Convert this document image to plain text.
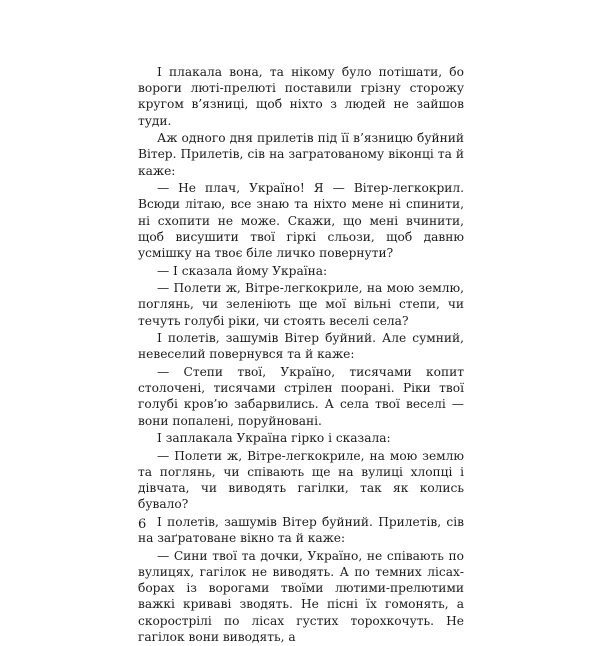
І плакала вона, та нікому було потішати, бо вороги люті-прелюті поставили грізну сторожу кругом в’язниці, щоб ніхто з людей не зайшов туди.

Аж одного дня прилетів під її в’язницю буйний Вітер. Прилетів, сів на загратованому віконці та й каже:

— Не плач, Україно! Я — Вітер-легкокрил. Всюди літаю, все знаю та ніхто мене ні спинити, ні схопити не може. Скажи, що мені вчинити, щоб висушити твої гіркі сльози, щоб давню усмішку на твоє біле личко повернути?

— І сказала йому Україна:

— Полети ж, Вітре-легкокриле, на мою землю, поглянь, чи зеленіють ще мої вільні степи, чи течуть голубі ріки, чи стоять веселі села?

І полетів, зашумів Вітер буйний. Але сумний, невеселий повернувся та й каже:

— Степи твої, Україно, тисячами копит столочені, тисячами стрілен поорані. Ріки твої голубі кров’ю забарвились. А села твої веселі — вони попалені, поруйновані.

І заплакала Україна гірко і сказала:

— Полети ж, Вітре-легкокриле, на мою землю та поглянь, чи співають ще на вулиці хлопці і дівчата, чи виводять гагілки, так як колись бувало?

І полетів, зашумів Вітер буйний. Прилетів, сів на заґратоване вікно та й каже:

— Сини твої та дочки, Україно, не співають по вулицях, гагілок не виводять. А по темних лісах-борах із ворогами твоїми лютими-прелютими важкі криваві зводять. Не пісні їх гомонять, а скорострілі по лісах густих торохкочуть. Не гагілок вони виводять, а

6
